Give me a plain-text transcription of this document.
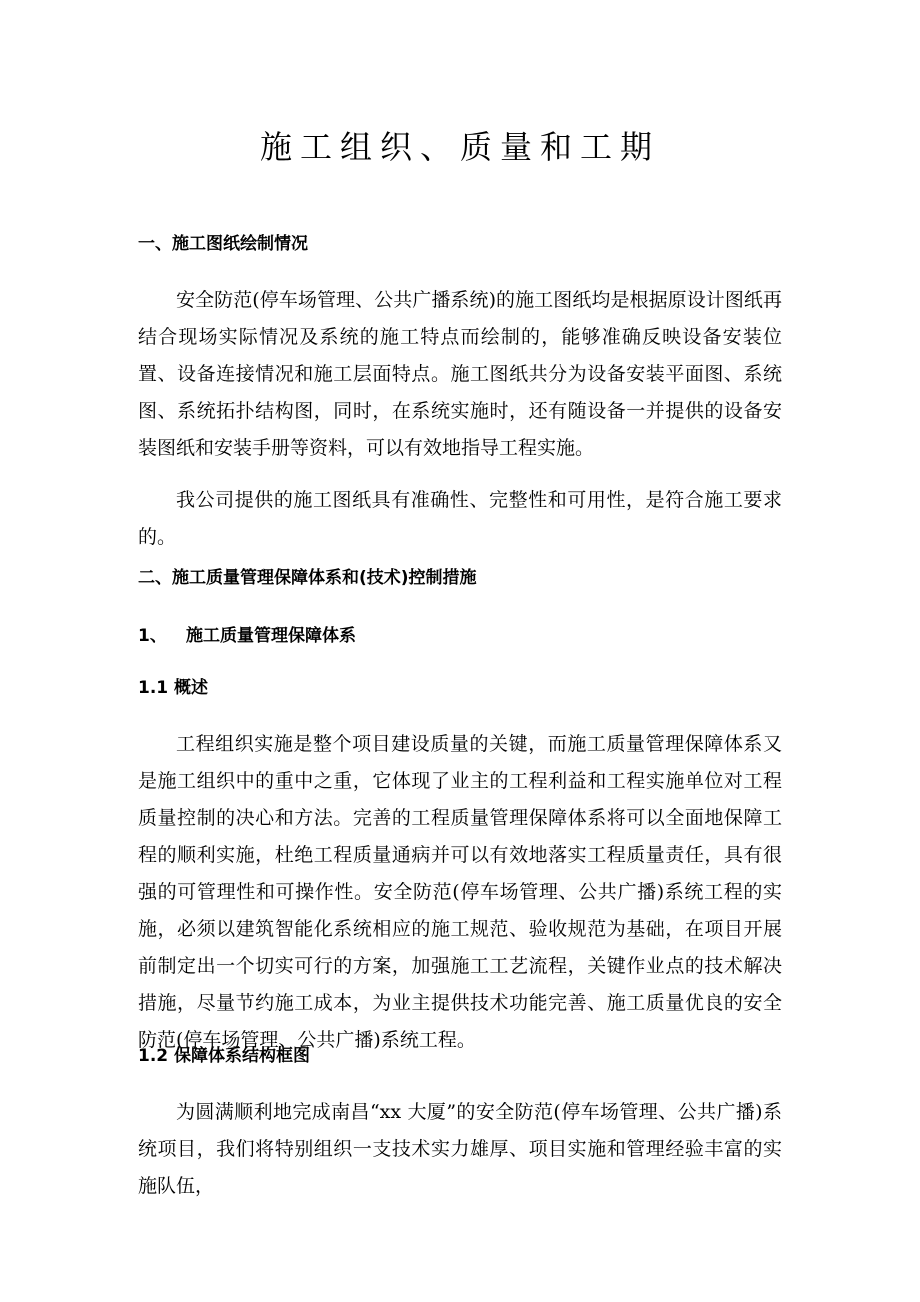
施工组织、质量和工期
一、施工图纸绘制情况
安全防范(停车场管理、公共广播系统)的施工图纸均是根据原设计图纸再结合现场实际情况及系统的施工特点而绘制的，能够准确反映设备安装位置、设备连接情况和施工层面特点。施工图纸共分为设备安装平面图、系统图、系统拓扑结构图，同时，在系统实施时，还有随设备一并提供的设备安装图纸和安装手册等资料，可以有效地指导工程实施。
我公司提供的施工图纸具有准确性、完整性和可用性，是符合施工要求的。
二、施工质量管理保障体系和(技术)控制措施
1、 施工质量管理保障体系
1.1 概述
工程组织实施是整个项目建设质量的关键，而施工质量管理保障体系又是施工组织中的重中之重，它体现了业主的工程利益和工程实施单位对工程质量控制的决心和方法。完善的工程质量管理保障体系将可以全面地保障工程的顺利实施，杜绝工程质量通病并可以有效地落实工程质量责任，具有很强的可管理性和可操作性。安全防范(停车场管理、公共广播)系统工程的实施，必须以建筑智能化系统相应的施工规范、验收规范为基础，在项目开展前制定出一个切实可行的方案，加强施工工艺流程，关键作业点的技术解决措施，尽量节约施工成本，为业主提供技术功能完善、施工质量优良的安全防范(停车场管理、公共广播)系统工程。
1.2 保障体系结构框图
为圆满顺利地完成南昌“xx 大厦”的安全防范(停车场管理、公共广播)系统项目，我们将特别组织一支技术实力雄厚、项目实施和管理经验丰富的实施队伍，
